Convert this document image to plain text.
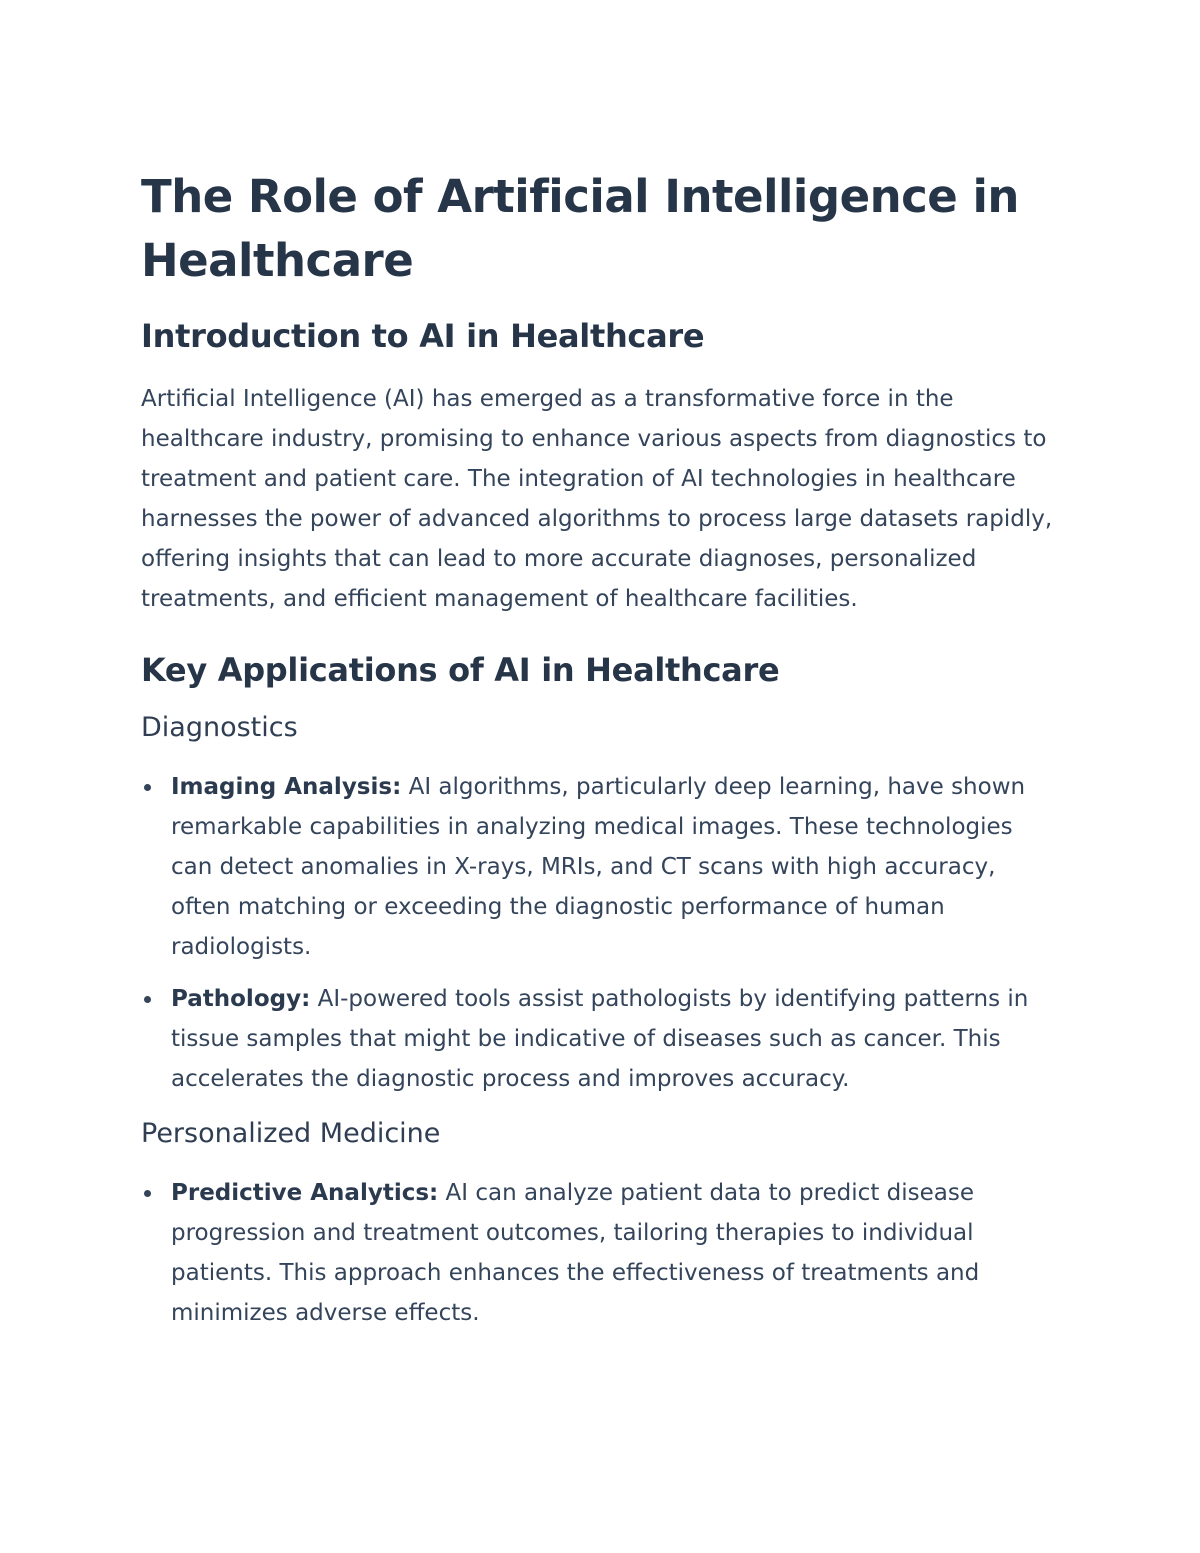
The Role of Artificial Intelligence in Healthcare
Introduction to AI in Healthcare

Artificial Intelligence (AI) has emerged as a transformative force in the healthcare industry, promising to enhance various aspects from diagnostics to treatment and patient care. The integration of AI technologies in healthcare harnesses the power of advanced algorithms to process large datasets rapidly, offering insights that can lead to more accurate diagnoses, personalized treatments, and efficient management of healthcare facilities.

Key Applications of AI in Healthcare
Diagnostics
Imaging Analysis: AI algorithms, particularly deep learning, have shown remarkable capabilities in analyzing medical images. These technologies can detect anomalies in X-rays, MRIs, and CT scans with high accuracy, often matching or exceeding the diagnostic performance of human radiologists.
Pathology: AI-powered tools assist pathologists by identifying patterns in tissue samples that might be indicative of diseases such as cancer. This accelerates the diagnostic process and improves accuracy.
Personalized Medicine
Predictive Analytics: AI can analyze patient data to predict disease progression and treatment outcomes, tailoring therapies to individual patients. This approach enhances the effectiveness of treatments and minimizes adverse effects.
